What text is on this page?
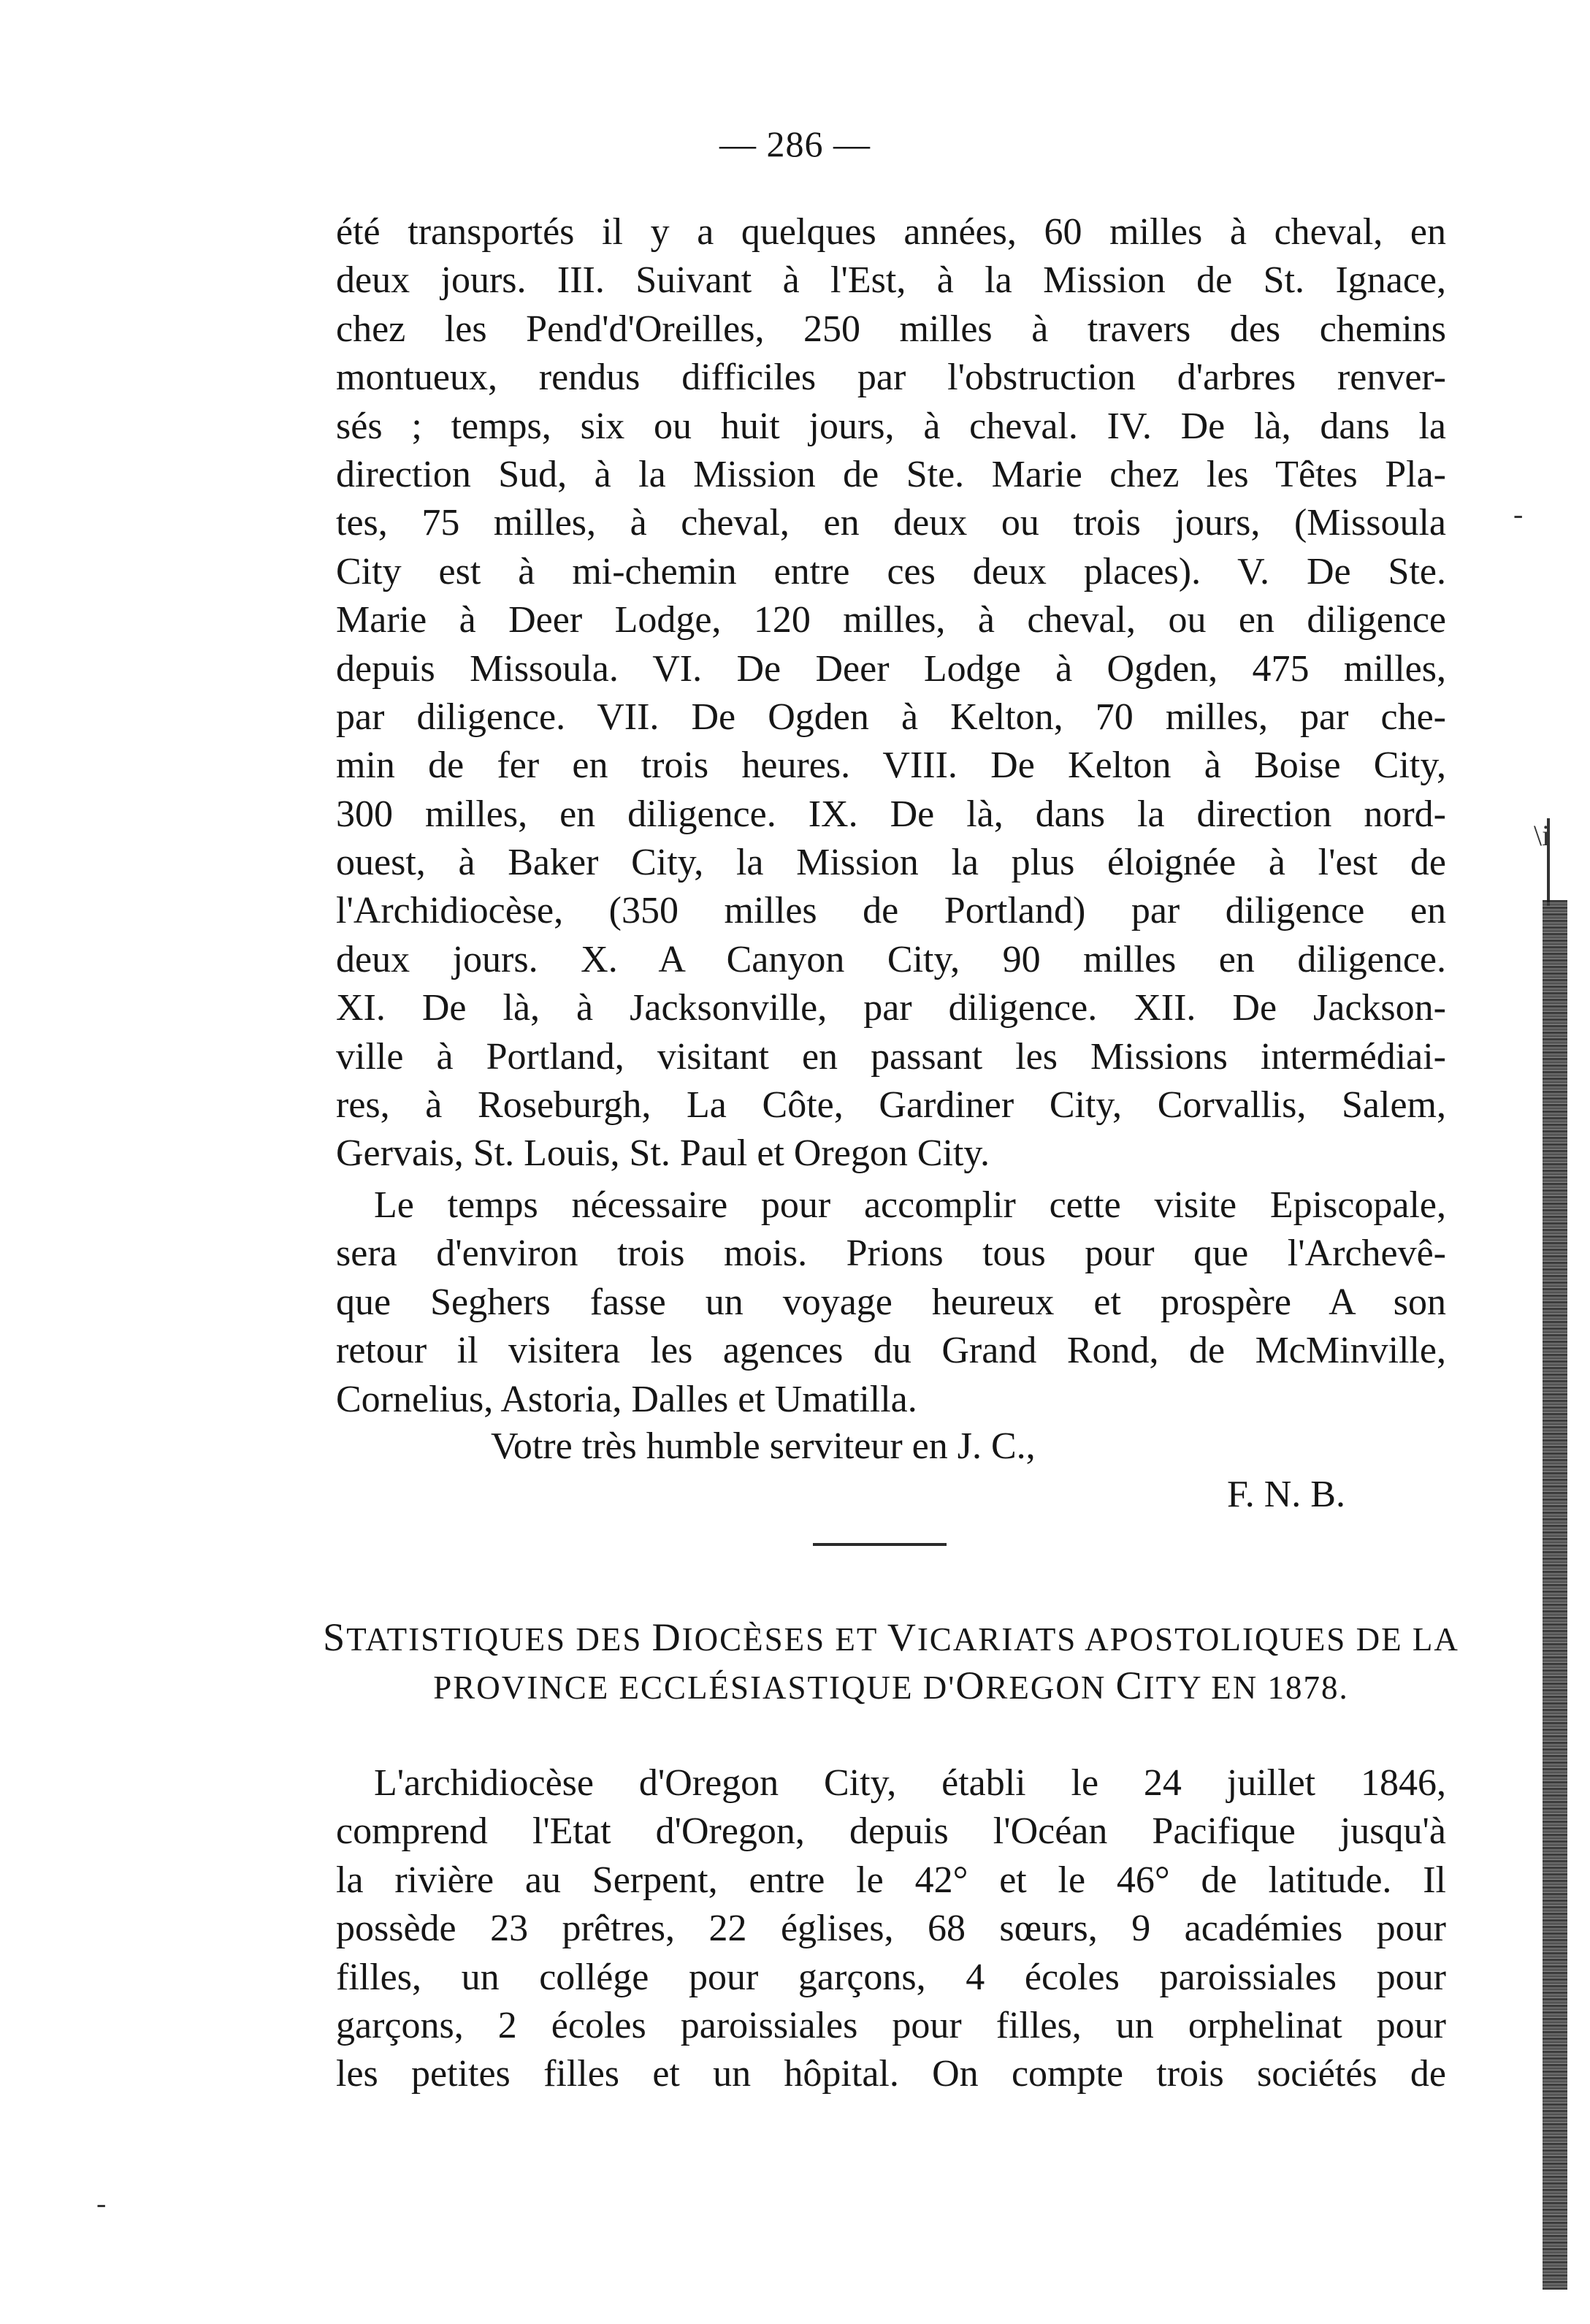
— 286 —
été transportés il y a quelques années, 60 milles à cheval, en
deux jours. III. Suivant à l'Est, à la Mission de St. Ignace,
chez les Pend'd'Oreilles, 250 milles à travers des chemins
montueux, rendus difficiles par l'obstruction d'arbres renver-
sés ; temps, six ou huit jours, à cheval. IV. De là, dans la
direction Sud, à la Mission de Ste. Marie chez les Têtes Pla-
tes, 75 milles, à cheval, en deux ou trois jours, (Missoula
City est à mi-chemin entre ces deux places). V. De Ste.
Marie à Deer Lodge, 120 milles, à cheval, ou en diligence
depuis Missoula. VI. De Deer Lodge à Ogden, 475 milles,
par diligence. VII. De Ogden à Kelton, 70 milles, par che-
min de fer en trois heures. VIII. De Kelton à Boise City,
300 milles, en diligence. IX. De là, dans la direction nord-
ouest, à Baker City, la Mission la plus éloignée à l'est de
l'Archidiocèse, (350 milles de Portland) par diligence en
deux jours. X. A Canyon City, 90 milles en diligence.
XI. De là, à Jacksonville, par diligence. XII. De Jackson-
ville à Portland, visitant en passant les Missions intermédiai-
res, à Roseburgh, La Côte, Gardiner City, Corvallis, Salem,
Gervais, St. Louis, St. Paul et Oregon City.
Le temps nécessaire pour accomplir cette visite Episcopale,
sera d'environ trois mois. Prions tous pour que l'Archevê-
que Seghers fasse un voyage heureux et prospère A son
retour il visitera les agences du Grand Rond, de McMinville,
Cornelius, Astoria, Dalles et Umatilla.
Votre très humble serviteur en J. C.,
F. N. B.
STATISTIQUES DES DIOCÈSES ET VICARIATS APOSTOLIQUES DE LA
PROVINCE ECCLÉSIASTIQUE D'OREGON CITY EN 1878.
L'archidiocèse d'Oregon City, établi le 24 juillet 1846,
comprend l'Etat d'Oregon, depuis l'Océan Pacifique jusqu'à
la rivière au Serpent, entre le 42° et le 46° de latitude. Il
possède 23 prêtres, 22 églises, 68 sœurs, 9 académies pour
filles, un collége pour garçons, 4 écoles paroissiales pour
garçons, 2 écoles paroissiales pour filles, un orphelinat pour
les petites filles et un hôpital. On compte trois sociétés de
-
\i
-
